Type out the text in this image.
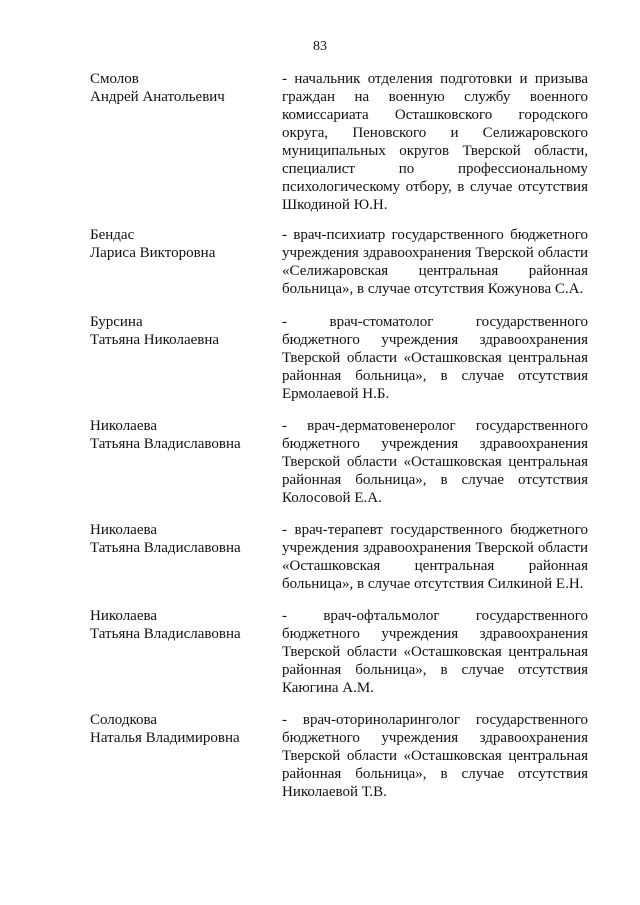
83
Смолов
Андрей Анатольевич
- начальник отделения подготовки и призыва
граждан на военную службу военного
комиссариата Осташковского городского
округа, Пеновского и Селижаровского
муниципальных округов Тверской области,
специалист по профессиональному
психологическому отбору, в случае отсутствия
Шкодиной Ю.Н.
Бендас
Лариса Викторовна
- врач-психиатр государственного бюджетного
учреждения здравоохранения Тверской области
«Селижаровская центральная районная
больница», в случае отсутствия Кожунова С.А.
Бурсина
Татьяна Николаевна
- врач-стоматолог государственного
бюджетного учреждения здравоохранения
Тверской области «Осташковская центральная
районная больница», в случае отсутствия
Ермолаевой Н.Б.
Николаева
Татьяна Владиславовна
- врач-дерматовенеролог государственного
бюджетного учреждения здравоохранения
Тверской области «Осташковская центральная
районная больница», в случае отсутствия
Колосовой Е.А.
Николаева
Татьяна Владиславовна
- врач-терапевт государственного бюджетного
учреждения здравоохранения Тверской области
«Осташковская центральная районная
больница», в случае отсутствия Силкиной Е.Н.
Николаева
Татьяна Владиславовна
- врач-офтальмолог государственного
бюджетного учреждения здравоохранения
Тверской области «Осташковская центральная
районная больница», в случае отсутствия
Каюгина А.М.
Солодкова
Наталья Владимировна
- врач-оториноларинголог государственного
бюджетного учреждения здравоохранения
Тверской области «Осташковская центральная
районная больница», в случае отсутствия
Николаевой Т.В.
